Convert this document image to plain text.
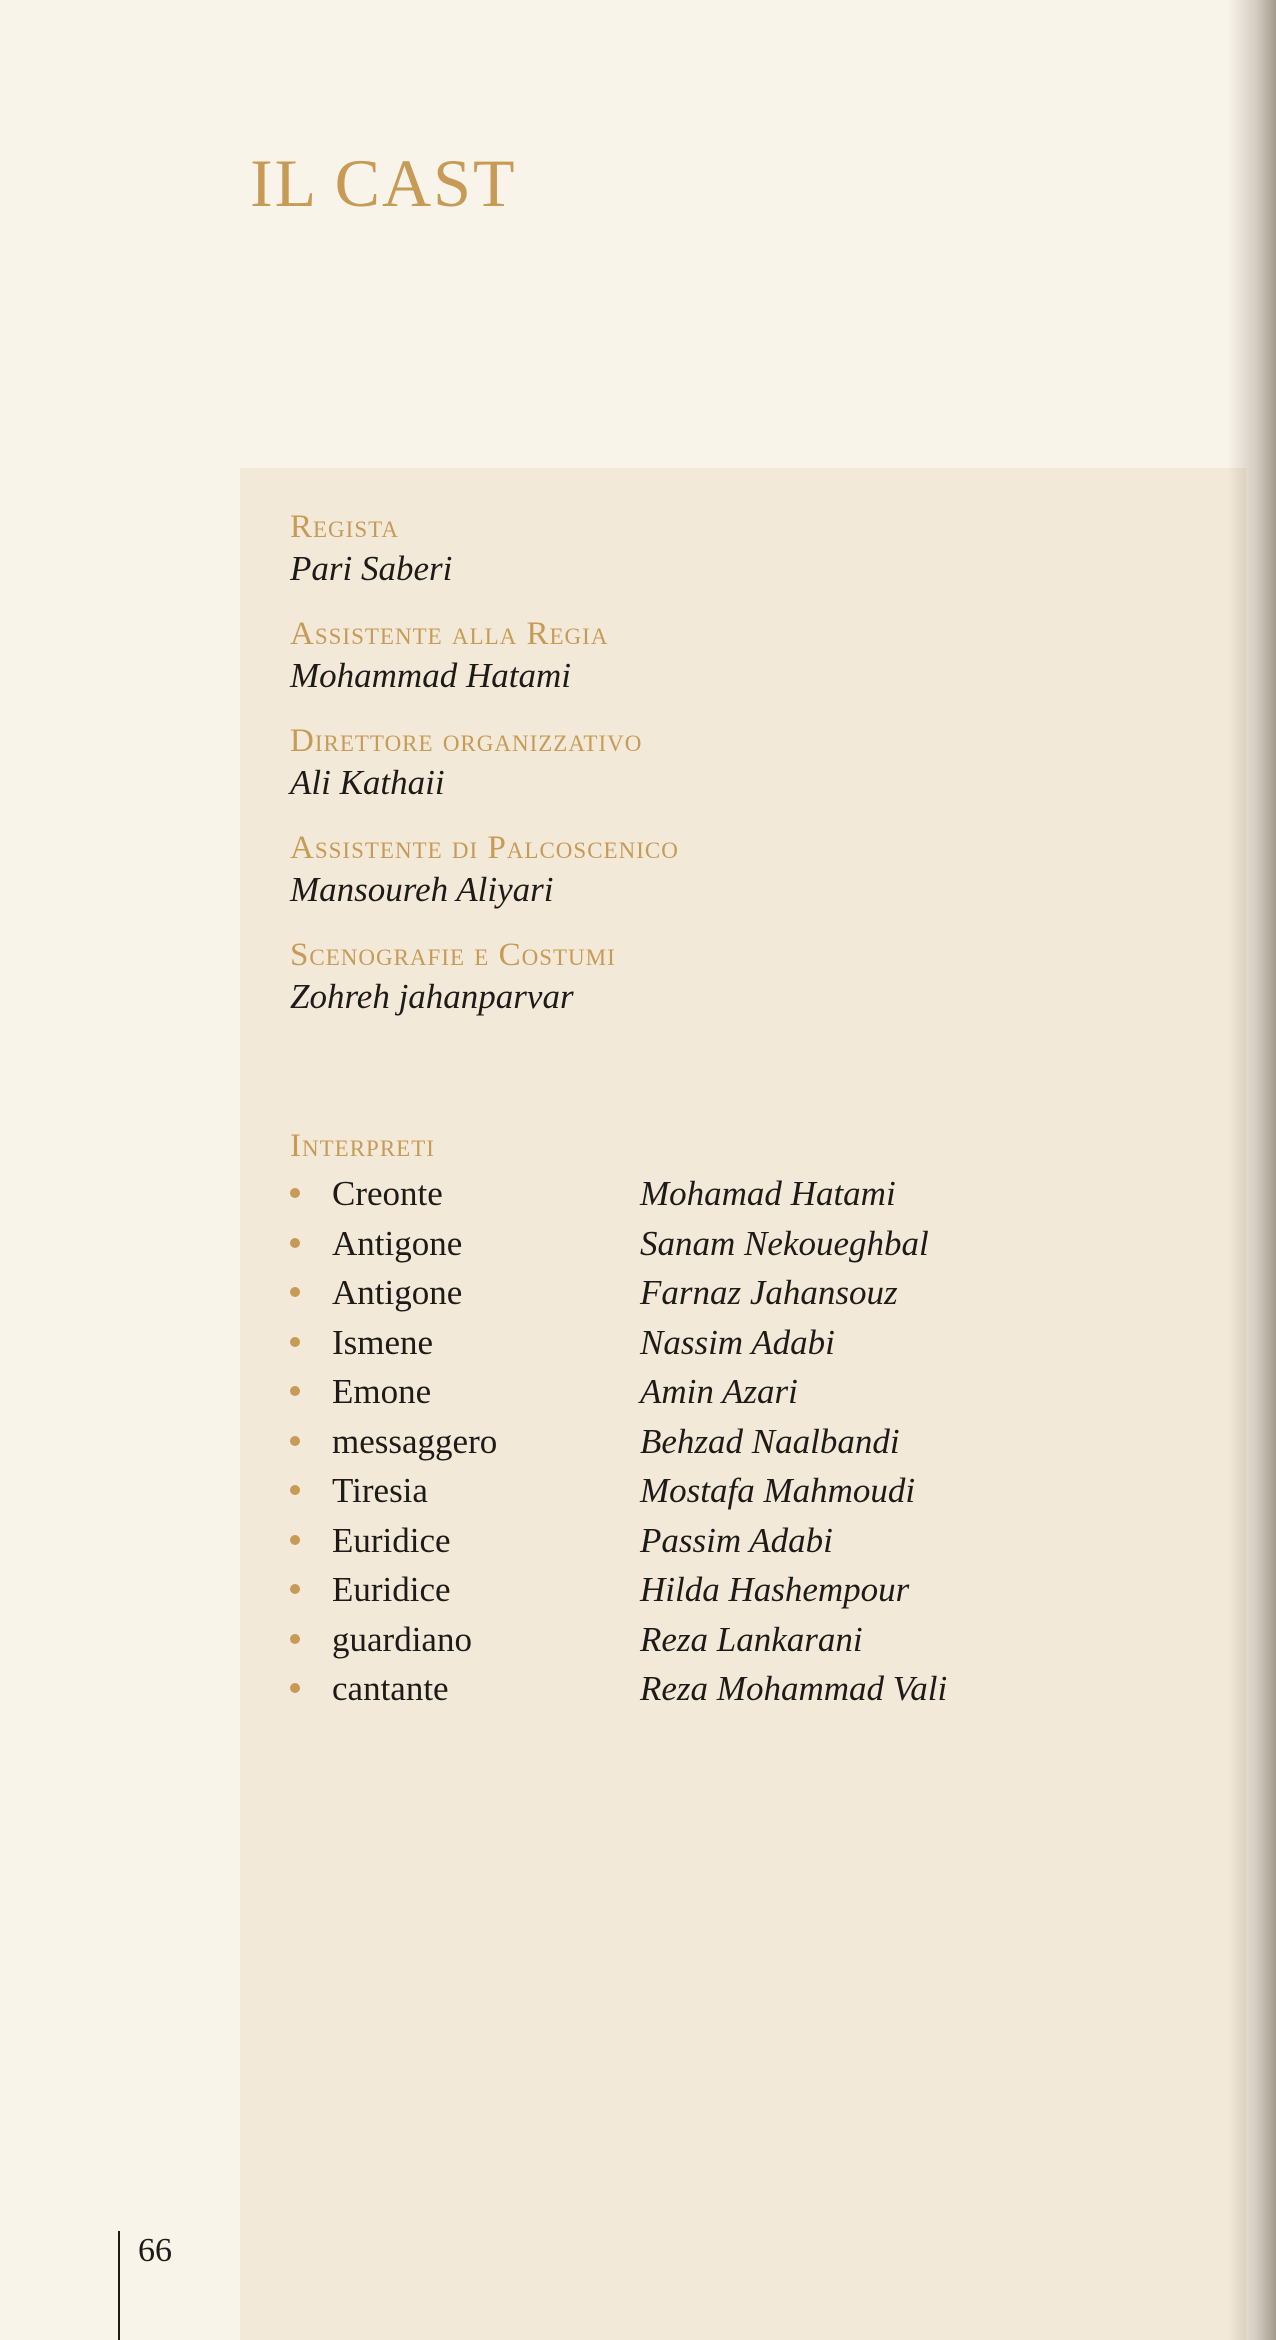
IL CAST
Regista
Pari Saberi
Assistente alla Regia
Mohammad Hatami
Direttore organizzativo
Ali Kathaii
Assistente di Palcoscenico
Mansoureh Aliyari
Scenografie e Costumi
Zohreh jahanparvar
Interpreti
Creonte	Mohamad Hatami
Antigone	Sanam Nekoueghbal
Antigone	Farnaz Jahansouz
Ismene	Nassim Adabi
Emone	Amin Azari
messaggero	Behzad Naalbandi
Tiresia	Mostafa Mahmoudi
Euridice	Passim Adabi
Euridice	Hilda Hashempour
guardiano	Reza Lankarani
cantante	Reza Mohammad Vali
66
